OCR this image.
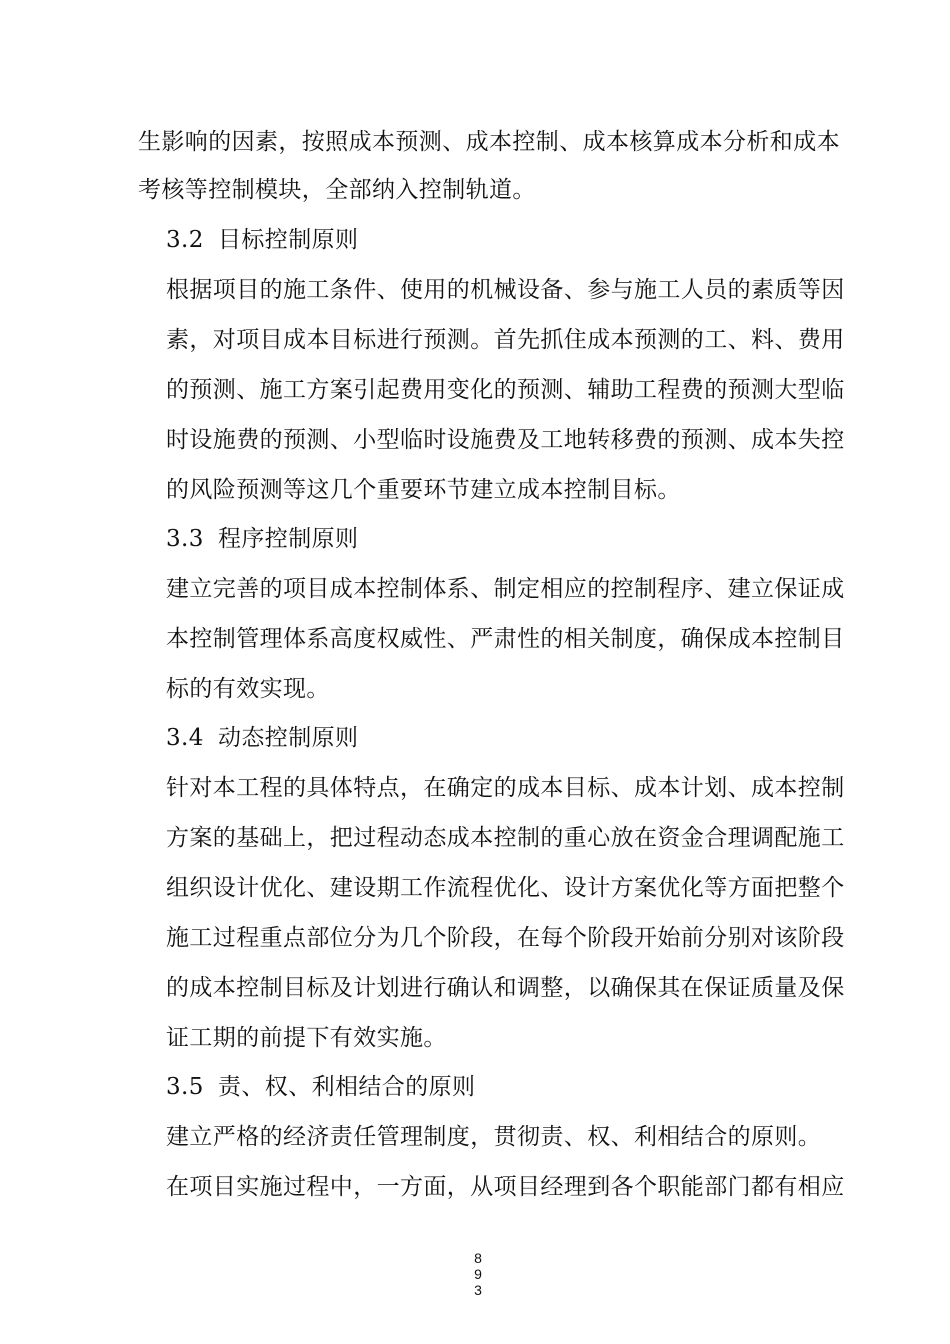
生影响的因素，按照成本预测、成本控制、成本核算成本分析和成本
考核等控制模块，全部纳入控制轨道。
3.2 目标控制原则
根据项目的施工条件、使用的机械设备、参与施工人员的素质等因
素，对项目成本目标进行预测。首先抓住成本预测的工、料、费用
的预测、施工方案引起费用变化的预测、辅助工程费的预测大型临
时设施费的预测、小型临时设施费及工地转移费的预测、成本失控
的风险预测等这几个重要环节建立成本控制目标。
3.3 程序控制原则
建立完善的项目成本控制体系、制定相应的控制程序、建立保证成
本控制管理体系高度权威性、严肃性的相关制度，确保成本控制目
标的有效实现。
3.4 动态控制原则
针对本工程的具体特点，在确定的成本目标、成本计划、成本控制
方案的基础上，把过程动态成本控制的重心放在资金合理调配施工
组织设计优化、建设期工作流程优化、设计方案优化等方面把整个
施工过程重点部位分为几个阶段，在每个阶段开始前分别对该阶段
的成本控制目标及计划进行确认和调整，以确保其在保证质量及保
证工期的前提下有效实施。
3.5 责、权、利相结合的原则
建立严格的经济责任管理制度，贯彻责、权、利相结合的原则。
在项目实施过程中，一方面，从项目经理到各个职能部门都有相应
8
9
3
